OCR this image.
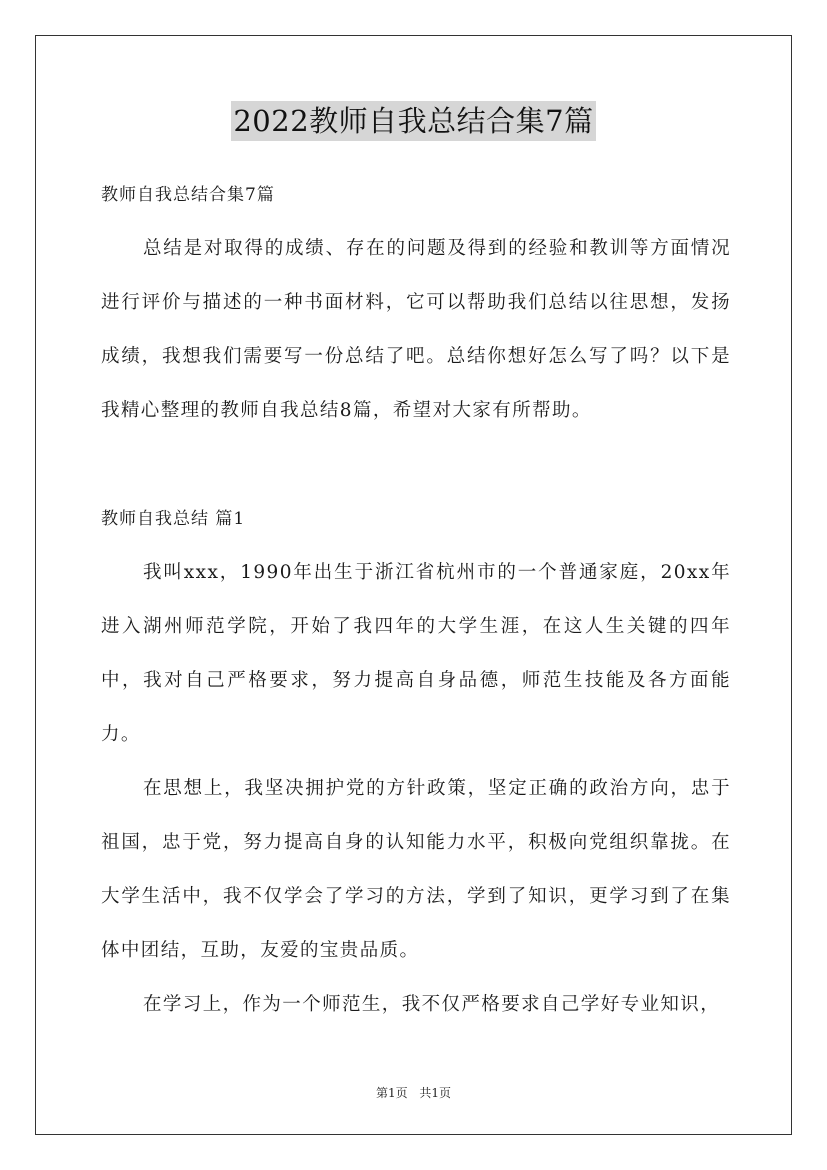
2022教师自我总结合集7篇

教师自我总结合集7篇

总结是对取得的成绩、存在的问题及得到的经验和教训等方面情况进行评价与描述的一种书面材料，它可以帮助我们总结以往思想，发扬成绩，我想我们需要写一份总结了吧。总结你想好怎么写了吗？以下是我精心整理的教师自我总结8篇，希望对大家有所帮助。

教师自我总结 篇1

我叫xxx，1990年出生于浙江省杭州市的一个普通家庭，20xx年进入湖州师范学院，开始了我四年的大学生涯，在这人生关键的四年中，我对自己严格要求，努力提高自身品德，师范生技能及各方面能力。

在思想上，我坚决拥护党的方针政策，坚定正确的政治方向，忠于祖国，忠于党，努力提高自身的认知能力水平，积极向党组织靠拢。在大学生活中，我不仅学会了学习的方法，学到了知识，更学习到了在集体中团结，互助，友爱的宝贵品质。

在学习上，作为一个师范生，我不仅严格要求自己学好专业知识，

第1页 共1页
